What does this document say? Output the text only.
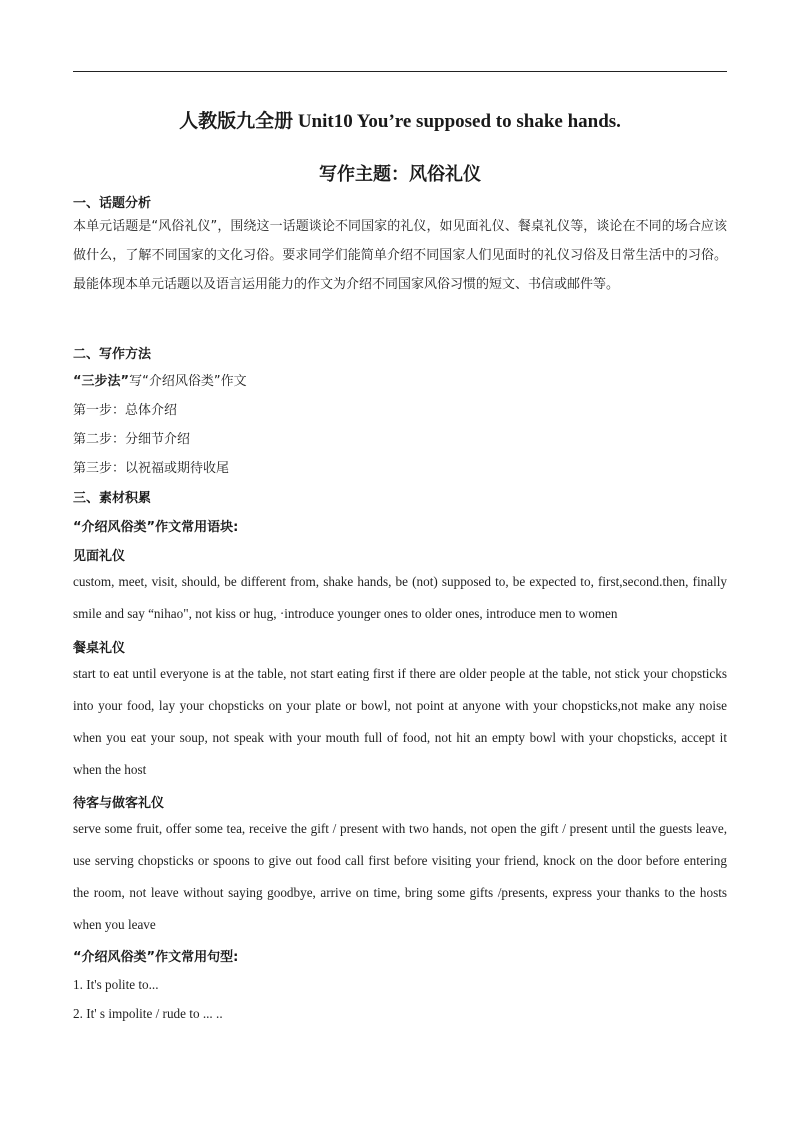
人教版九全册 Unit10 You’re supposed to shake hands.
写作主题：风俗礼仪
一、话题分析
本单元话题是“风俗礼仪”，围绕这一话题谈论不同国家的礼仪，如见面礼仪、餐桌礼仪等，谈论在不同的场合应该做什么，了解不同国家的文化习俗。要求同学们能简单介绍不同国家人们见面时的礼仪习俗及日常生活中的习俗。最能体现本单元话题以及语言运用能力的作文为介绍不同国家风俗习惯的短文、书信或邮件等。
二、写作方法
“三步法”写“介绍风俗类”作文
第一步：总体介绍
第二步：分细节介绍
第三步：以祝福或期待收尾
三、素材积累
“介绍风俗类”作文常用语块:
见面礼仪
custom, meet, visit, should, be different from, shake hands, be (not) supposed to, be expected to, first,second.then, finally smile and say “nihao", not kiss or hug, ·introduce younger ones to older ones, introduce men to women
餐桌礼仪
start to eat until everyone is at the table, not start eating first if there are older people at the table, not stick your chopsticks into your food, lay your chopsticks on your plate or bowl, not point at anyone with your chopsticks,not make any noise when you eat your soup, not speak with your mouth full of food, not hit an empty bowl with your chopsticks, accept it when the host
待客与做客礼仪
serve some fruit, offer some tea, receive the gift / present with two hands, not open the gift / present until the guests leave, use serving chopsticks or spoons to give out food call first before visiting your friend, knock on the door before entering the room, not leave without saying goodbye, arrive on time, bring some gifts /presents, express your thanks to the hosts when you leave
“介绍风俗类”作文常用句型:
1. It's polite to...
2. It' s impolite / rude to ... ..
